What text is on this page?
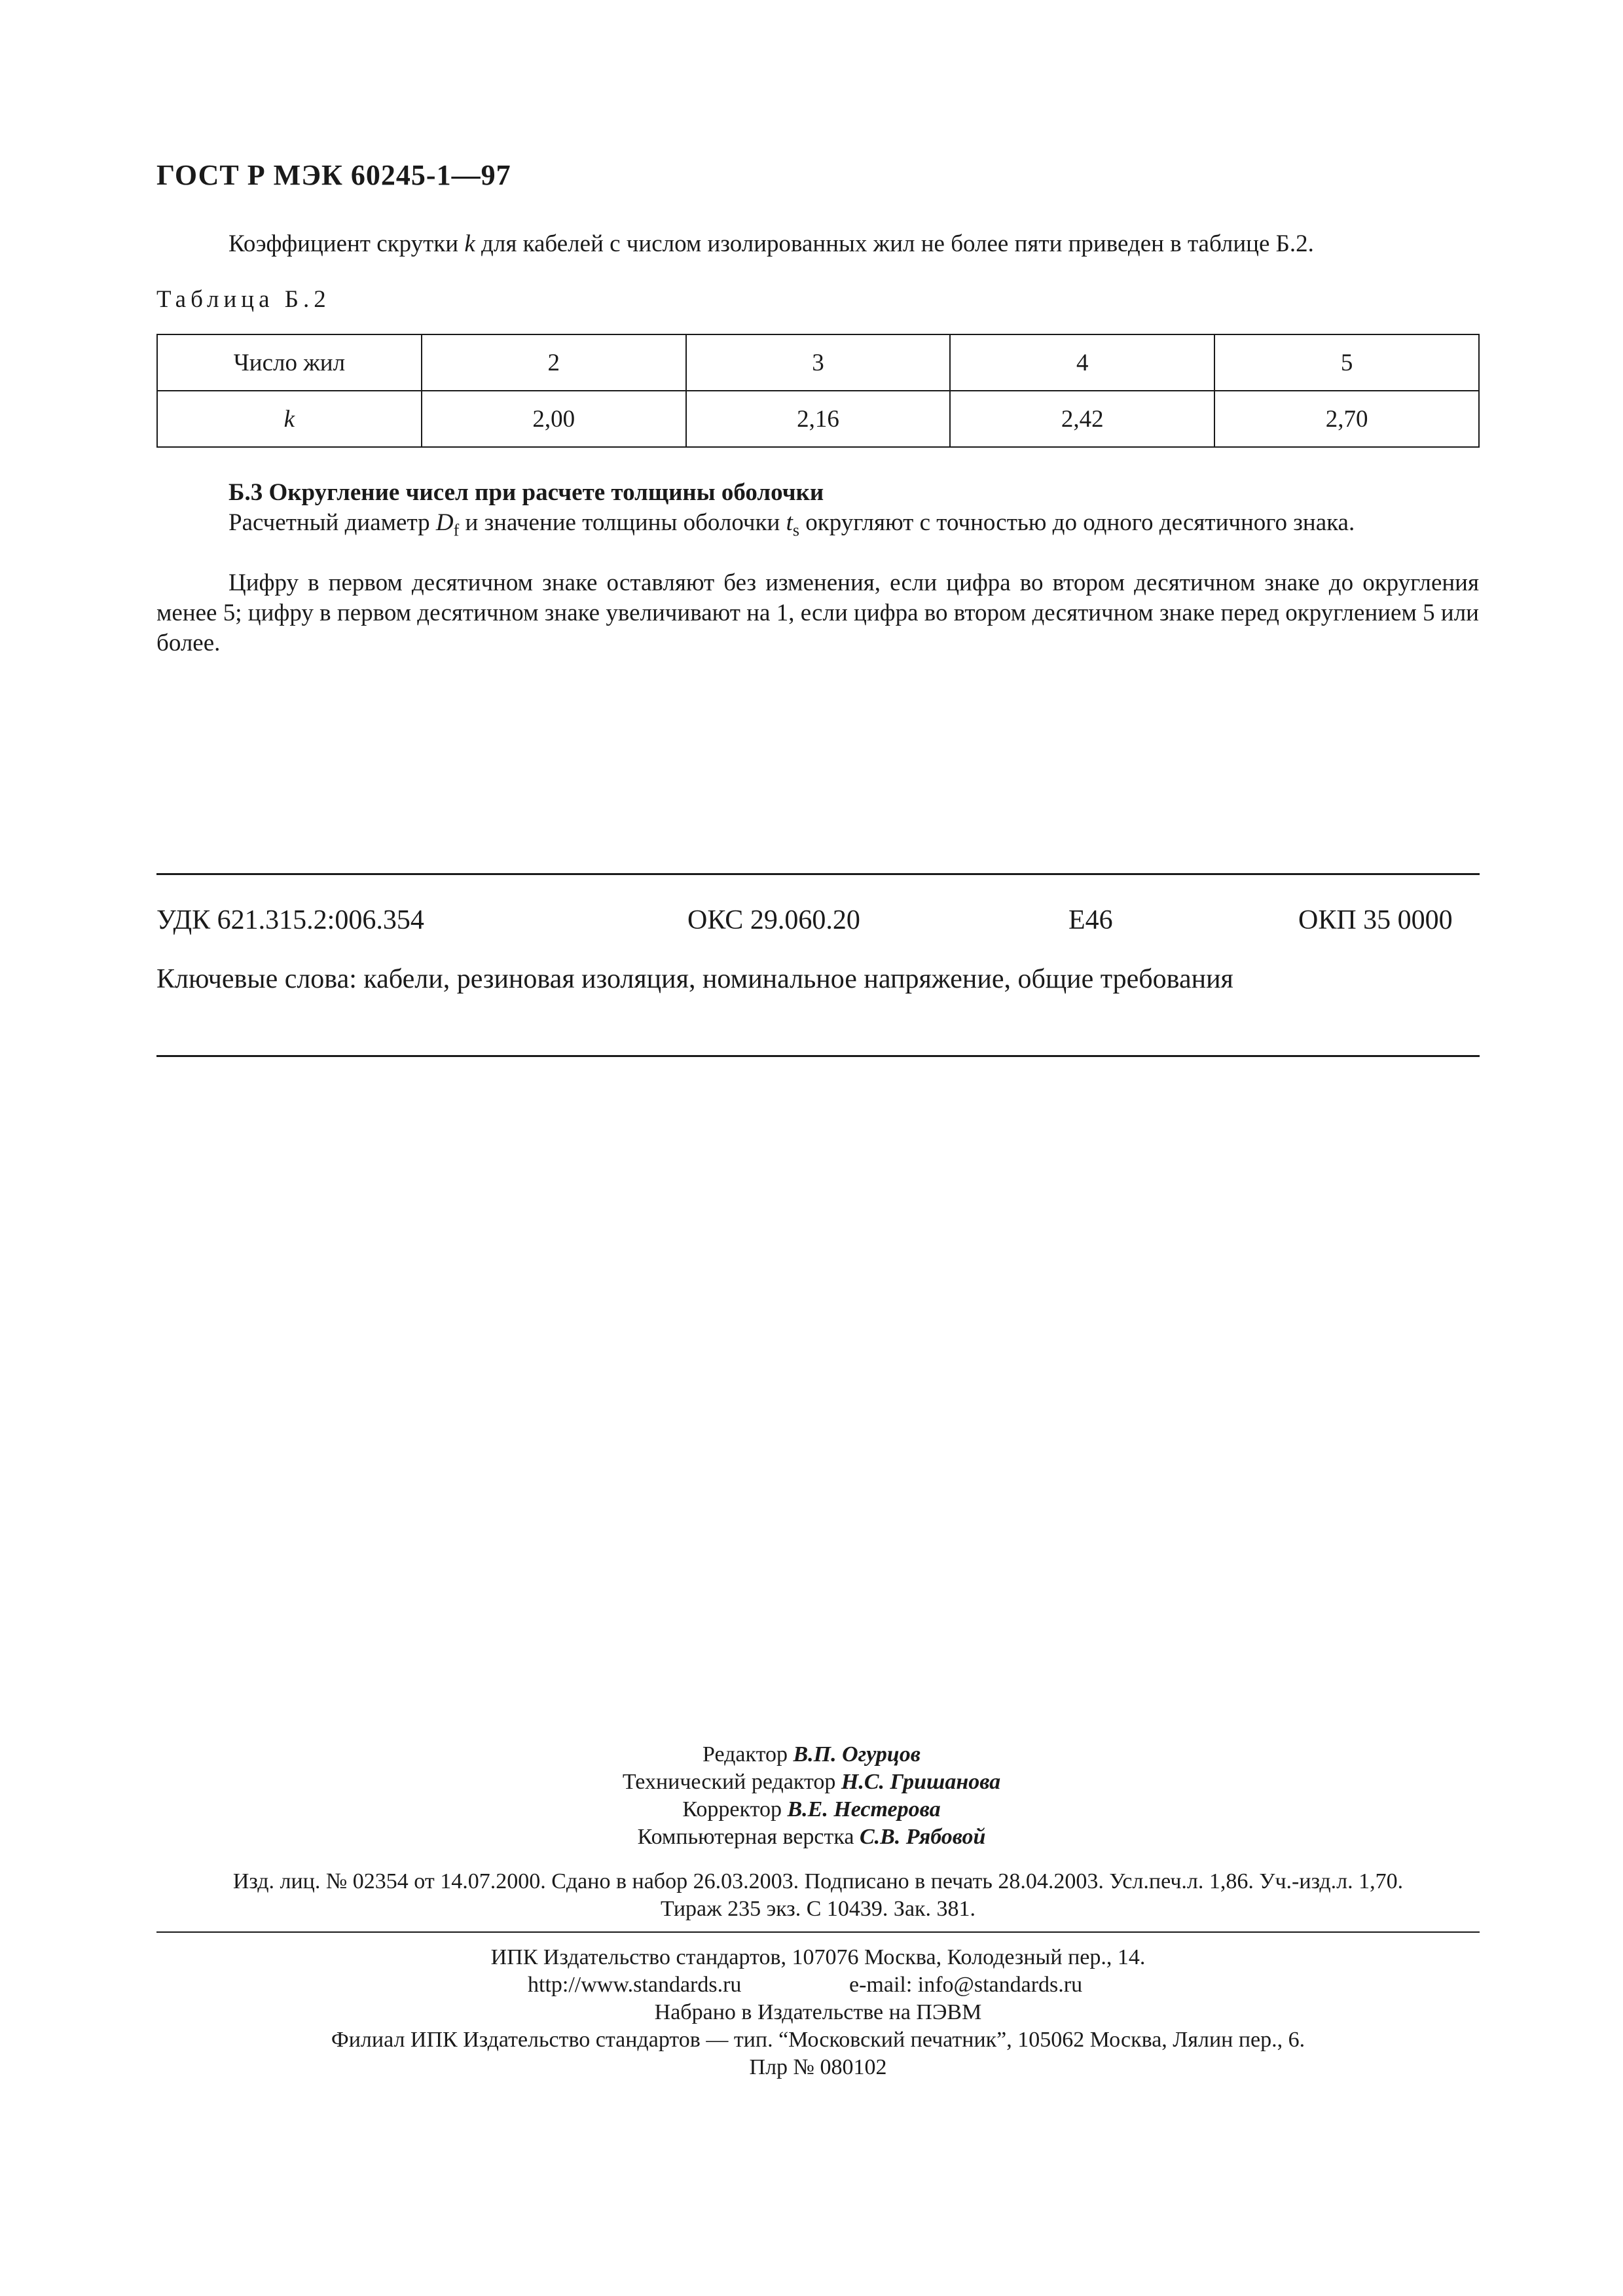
ГОСТ Р МЭК 60245-1—97
Коэффициент скрутки k для кабелей с числом изолированных жил не более пяти приведен в таблице Б.2.
Таблица Б.2
Число жил	2	3	4	5
k	2,00	2,16	2,42	2,70
Б.3 Округление чисел при расчете толщины оболочки
Расчетный диаметр $D_f$ и значение толщины оболочки $t_s$ округляют с точностью до одного десятичного знака.
Цифру в первом десятичном знаке оставляют без изменения, если цифра во втором десятичном знаке до округления менее 5; цифру в первом десятичном знаке увеличивают на 1, если цифра во втором десятичном знаке перед округлением 5 или более.
УДК 621.315.2:006.354	ОКС 29.060.20	Е46	ОКП 35 0000
Ключевые слова: кабели, резиновая изоляция, номинальное напряжение, общие требования
Редактор В.П. Огурцов
Технический редактор Н.С. Гришанова
Корректор В.Е. Нестерова
Компьютерная верстка С.В. Рябовой
Изд. лиц. № 02354 от 14.07.2000. Сдано в набор 26.03.2003. Подписано в печать 28.04.2003. Усл.печ.л. 1,86. Уч.-изд.л. 1,70.
Тираж 235 экз. С 10439. Зак. 381.
ИПК Издательство стандартов, 107076 Москва, Колодезный пер., 14.
http://www.standards.ru	e-mail: info@standards.ru
Набрано в Издательстве на ПЭВМ
Филиал ИПК Издательство стандартов — тип. “Московский печатник”, 105062 Москва, Лялин пер., 6.
Плр № 080102
